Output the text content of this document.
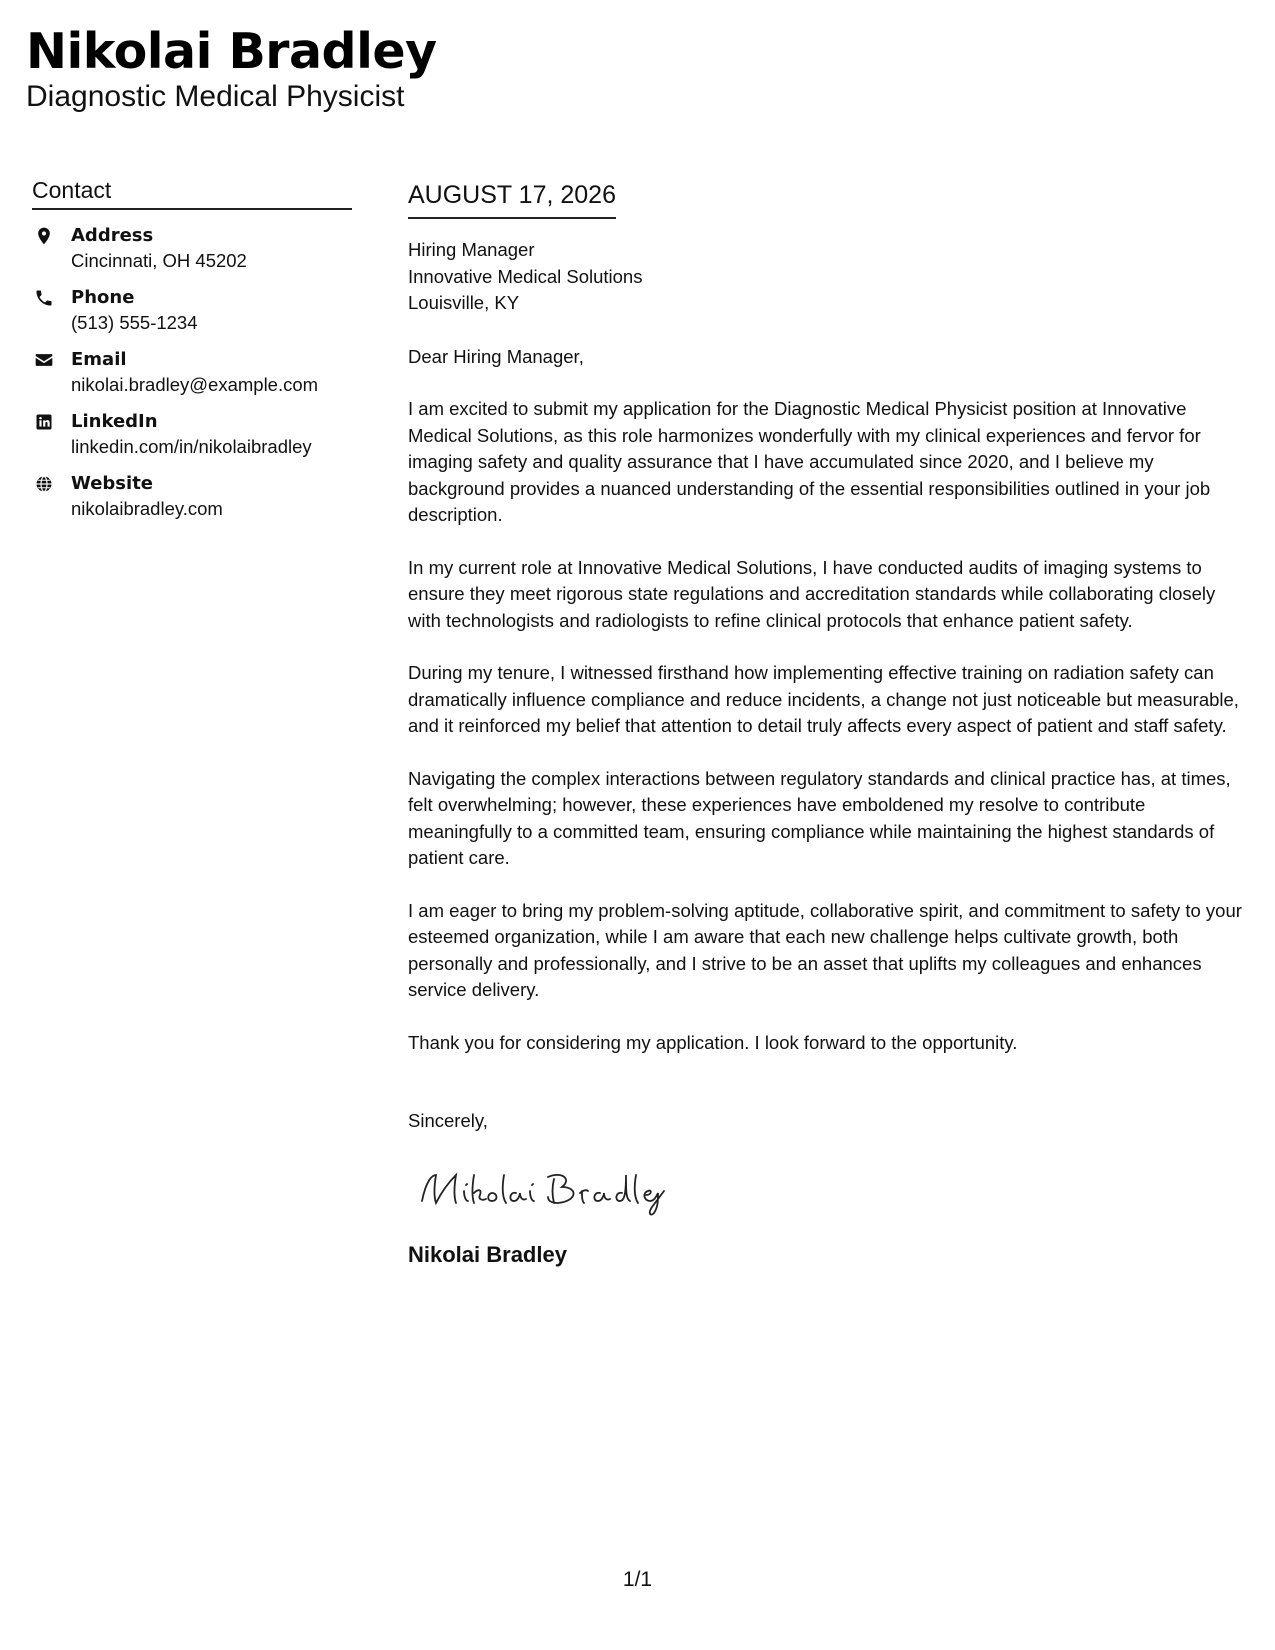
Nikolai Bradley
Diagnostic Medical Physicist
Contact
Address
Cincinnati, OH 45202
Phone
(513) 555-1234
Email
nikolai.bradley@example.com
LinkedIn
linkedin.com/in/nikolaibradley
Website
nikolaibradley.com
AUGUST 17, 2026
Hiring Manager
Innovative Medical Solutions
Louisville, KY
Dear Hiring Manager,

I am excited to submit my application for the Diagnostic Medical Physicist position at Innovative Medical Solutions, as this role harmonizes wonderfully with my clinical experiences and fervor for imaging safety and quality assurance that I have accumulated since 2020, and I believe my background provides a nuanced understanding of the essential responsibilities outlined in your job description.

In my current role at Innovative Medical Solutions, I have conducted audits of imaging systems to ensure they meet rigorous state regulations and accreditation standards while collaborating closely with technologists and radiologists to refine clinical protocols that enhance patient safety.

During my tenure, I witnessed firsthand how implementing effective training on radiation safety can dramatically influence compliance and reduce incidents, a change not just noticeable but measurable, and it reinforced my belief that attention to detail truly affects every aspect of patient and staff safety.

Navigating the complex interactions between regulatory standards and clinical practice has, at times, felt overwhelming; however, these experiences have emboldened my resolve to contribute meaningfully to a committed team, ensuring compliance while maintaining the highest standards of patient care.

I am eager to bring my problem-solving aptitude, collaborative spirit, and commitment to safety to your esteemed organization, while I am aware that each new challenge helps cultivate growth, both personally and professionally, and I strive to be an asset that uplifts my colleagues and enhances service delivery.

Thank you for considering my application. I look forward to the opportunity.

Sincerely,
Nikolai Bradley
1/1
